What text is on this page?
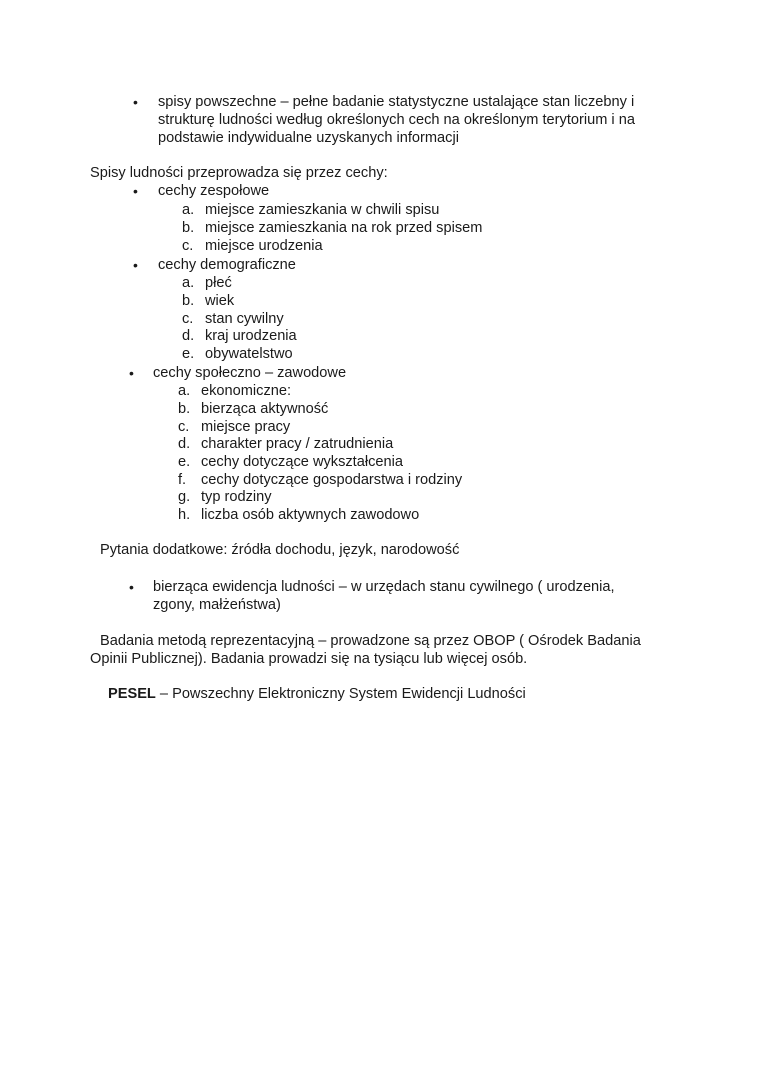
• spisy powszechne – pełne badanie statystyczne ustalające stan liczebny i
strukturę ludności według określonych cech na określonym terytorium i na
podstawie indywidualne uzyskanych informacji
Spisy ludności przeprowadza się przez cechy:
• cechy zespołowe
a. miejsce zamieszkania w chwili spisu
b. miejsce zamieszkania na rok przed spisem
c. miejsce urodzenia
• cechy demograficzne
a. płeć
b. wiek
c. stan cywilny
d. kraj urodzenia
e. obywatelstwo
• cechy społeczno – zawodowe
a. ekonomiczne:
b. bierząca aktywność
c. miejsce pracy
d. charakter pracy / zatrudnienia
e. cechy dotyczące wykształcenia
f. cechy dotyczące gospodarstwa i rodziny
g. typ rodziny
h. liczba osób aktywnych zawodowo
Pytania dodatkowe: źródła dochodu, język, narodowość
• bierząca ewidencja ludności – w urzędach stanu cywilnego ( urodzenia,
zgony, małżeństwa)
Badania metodą reprezentacyjną – prowadzone są przez OBOP ( Ośrodek Badania
Opinii Publicznej). Badania prowadzi się na tysiącu lub więcej osób.
PESEL – Powszechny Elektroniczny System Ewidencji Ludności
